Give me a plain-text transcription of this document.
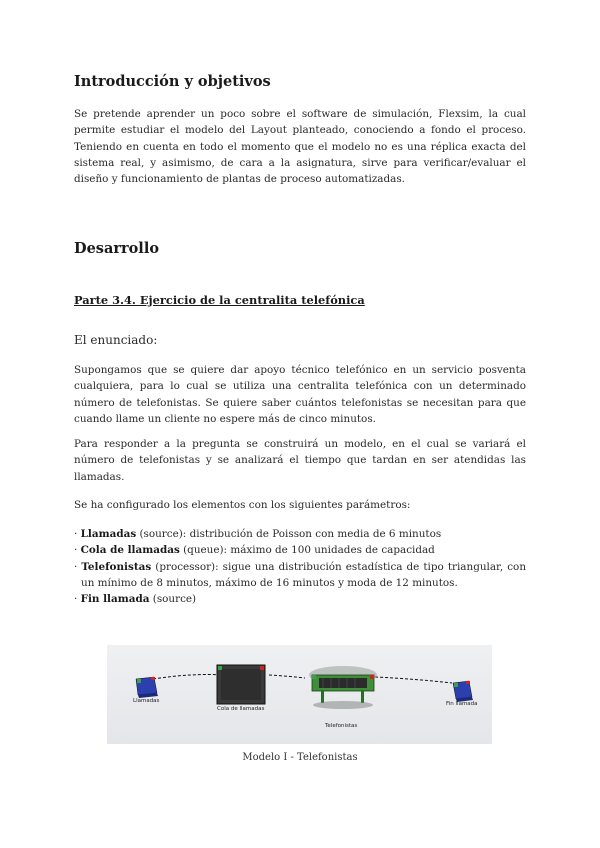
Introducción y objetivos

Se pretende aprender un poco sobre el software de simulación, Flexsim, la cual permite estudiar el modelo del Layout planteado, conociendo a fondo el proceso. Teniendo en cuenta en todo el momento que el modelo no es una réplica exacta del sistema real, y asimismo, de cara a la asignatura, sirve para verificar/evaluar el diseño y funcionamiento de plantas de proceso automatizadas.

Desarrollo

Parte 3.4. Ejercicio de la centralita telefónica

El enunciado:

Supongamos que se quiere dar apoyo técnico telefónico en un servicio posventa cualquiera, para lo cual se utiliza una centralita telefónica con un determinado número de telefonistas. Se quiere saber cuántos telefonistas se necesitan para que cuando llame un cliente no espere más de cinco minutos.

Para responder a la pregunta se construirá un modelo, en el cual se variará el número de telefonistas y se analizará el tiempo que tardan en ser atendidas las llamadas.

Se ha configurado los elementos con los siguientes parámetros:

· Llamadas (source): distribución de Poisson con media de 6 minutos
· Cola de llamadas (queue): máximo de 100 unidades de capacidad
· Telefonistas (processor): sigue una distribución estadística de tipo triangular, con un mínimo de 8 minutos, máximo de 16 minutos y moda de 12 minutos.
· Fin llamada (source)
Llamadas
Cola de llamadas
Telefonistas
Fin llamada
Modelo I - Telefonistas
